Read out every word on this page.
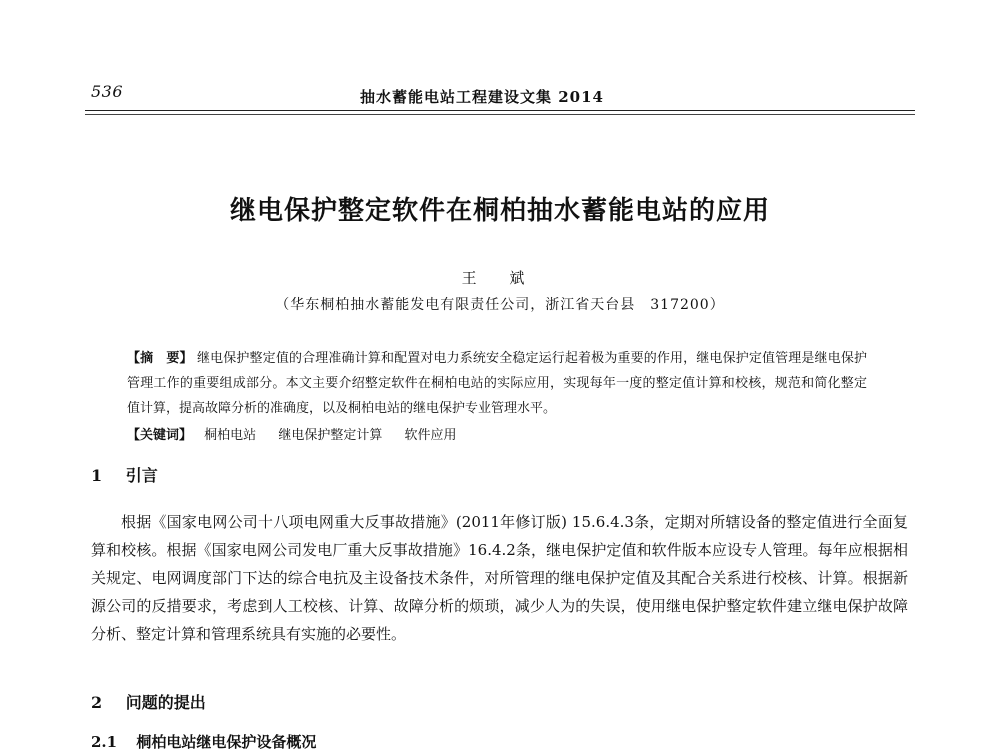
536	抽水蓄能电站工程建设文集 2014
继电保护整定软件在桐柏抽水蓄能电站的应用
王 斌
（华东桐柏抽水蓄能发电有限责任公司，浙江省天台县　317200）
【摘　要】 继电保护整定值的合理准确计算和配置对电力系统安全稳定运行起着极为重要的作用，继电保护定值管理是继电保护管理工作的重要组成部分。本文主要介绍整定软件在桐柏电站的实际应用，实现每年一度的整定值计算和校核，规范和简化整定值计算，提高故障分析的准确度，以及桐柏电站的继电保护专业管理水平。
【关键词】 桐柏电站 继电保护整定计算 软件应用
1 引言
根据《国家电网公司十八项电网重大反事故措施》(2011年修订版) 15.6.4.3条，定期对所辖设备的整定值进行全面复算和校核。根据《国家电网公司发电厂重大反事故措施》16.4.2条，继电保护定值和软件版本应设专人管理。每年应根据相关规定、电网调度部门下达的综合电抗及主设备技术条件，对所管理的继电保护定值及其配合关系进行校核、计算。根据新源公司的反措要求，考虑到人工校核、计算、故障分析的烦琐，减少人为的失误，使用继电保护整定软件建立继电保护故障分析、整定计算和管理系统具有实施的必要性。
2 问题的提出
2.1 桐柏电站继电保护设备概况
